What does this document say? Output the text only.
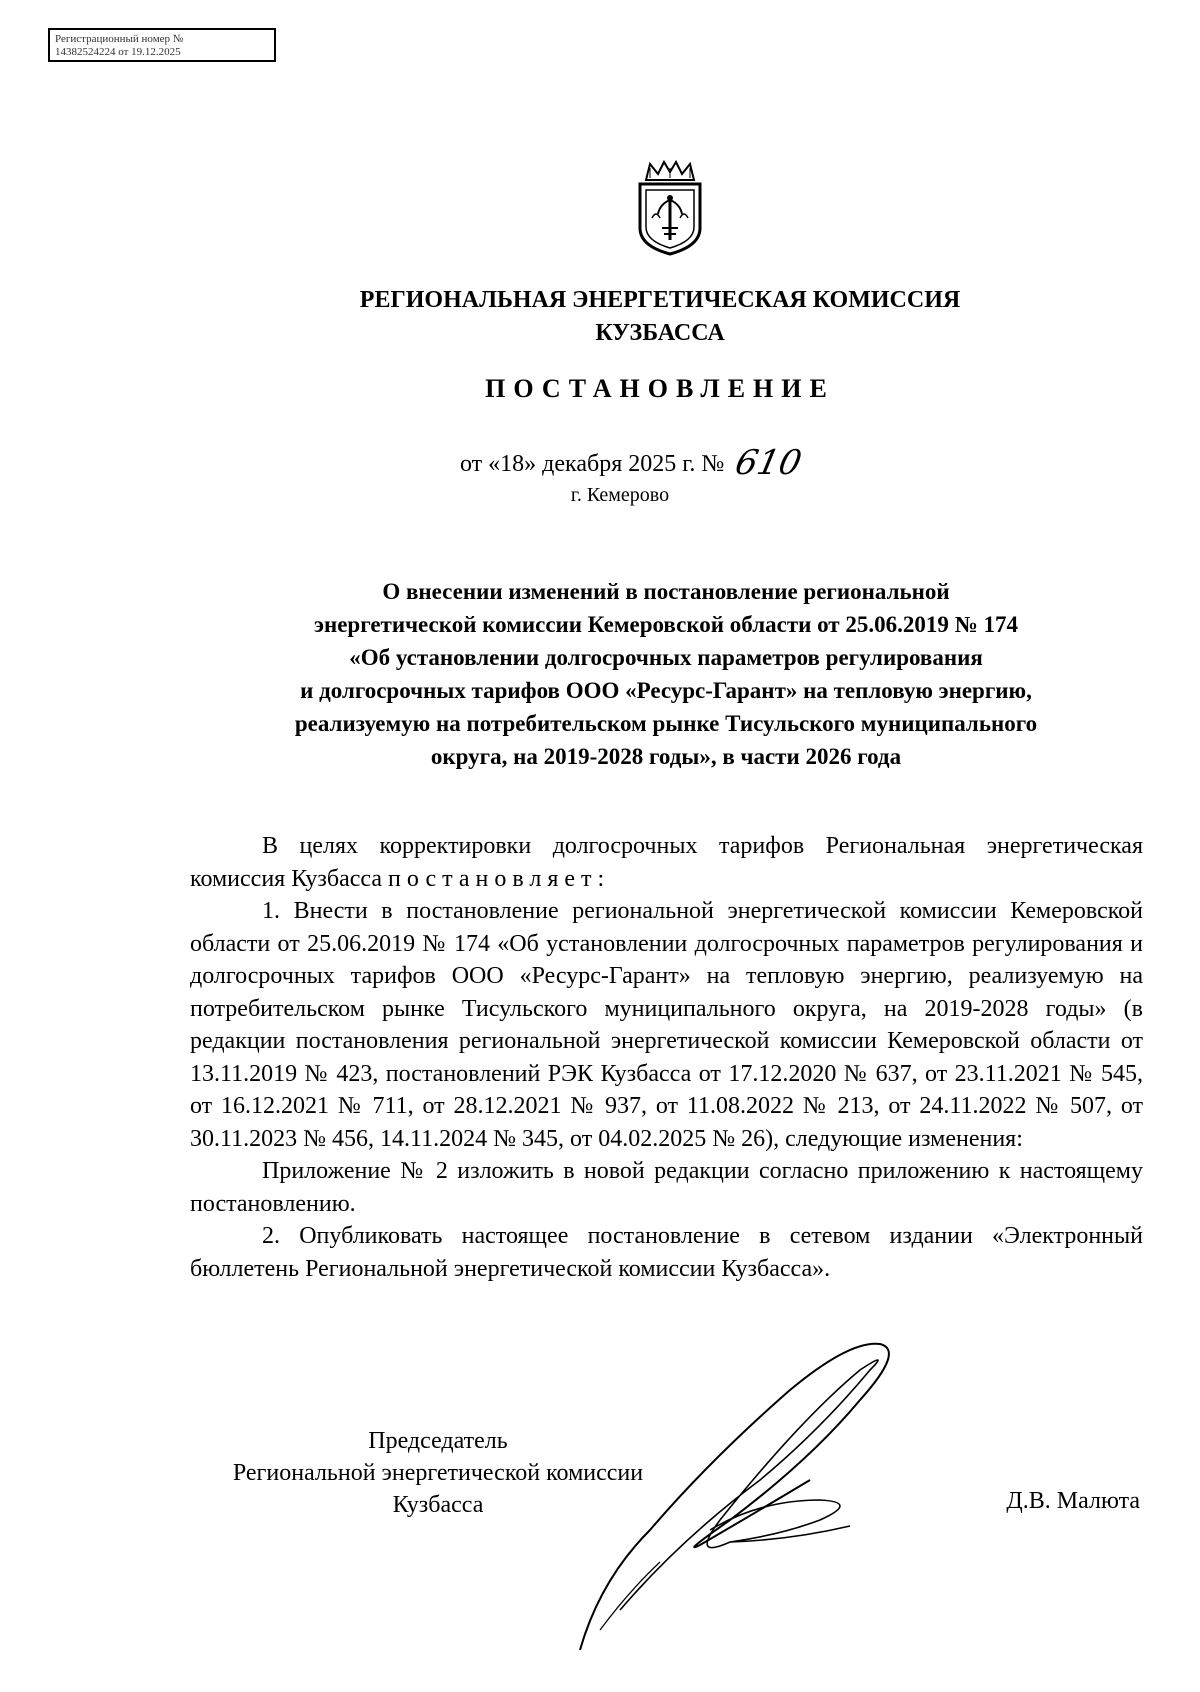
Регистрационный номер №
14382524224 от 19.12.2025
РЕГИОНАЛЬНАЯ ЭНЕРГЕТИЧЕСКАЯ КОМИССИЯ
КУЗБАССА
ПОСТАНОВЛЕНИЕ
от «18» декабря 2025 г. № 610
г. Кемерово
О внесении изменений в постановление региональной
энергетической комиссии Кемеровской области от 25.06.2019 № 174
«Об установлении долгосрочных параметров регулирования
и долгосрочных тарифов ООО «Ресурс-Гарант» на тепловую энергию,
реализуемую на потребительском рынке Тисульского муниципального
округа, на 2019-2028 годы», в части 2026 года

В целях корректировки долгосрочных тарифов Региональная энергетическая комиссия Кузбасса постановляет:

1. Внести в постановление региональной энергетической комиссии Кемеровской области от 25.06.2019 № 174 «Об установлении долгосрочных параметров регулирования и долгосрочных тарифов ООО «Ресурс-Гарант» на тепловую энергию, реализуемую на потребительском рынке Тисульского муниципального округа, на 2019-2028 годы» (в редакции постановления региональной энергетической комиссии Кемеровской области от 13.11.2019 № 423, постановлений РЭК Кузбасса от 17.12.2020 № 637, от 23.11.2021 № 545, от 16.12.2021 № 711, от 28.12.2021 № 937, от 11.08.2022 № 213, от 24.11.2022 № 507, от 30.11.2023 № 456, 14.11.2024 № 345, от 04.02.2025 № 26), следующие изменения:

Приложение № 2 изложить в новой редакции согласно приложению к настоящему постановлению.

2. Опубликовать настоящее постановление в сетевом издании «Электронный бюллетень Региональной энергетической комиссии Кузбасса».

Председатель
Региональной энергетической комиссии
Кузбасса	Д.В. Малюта
